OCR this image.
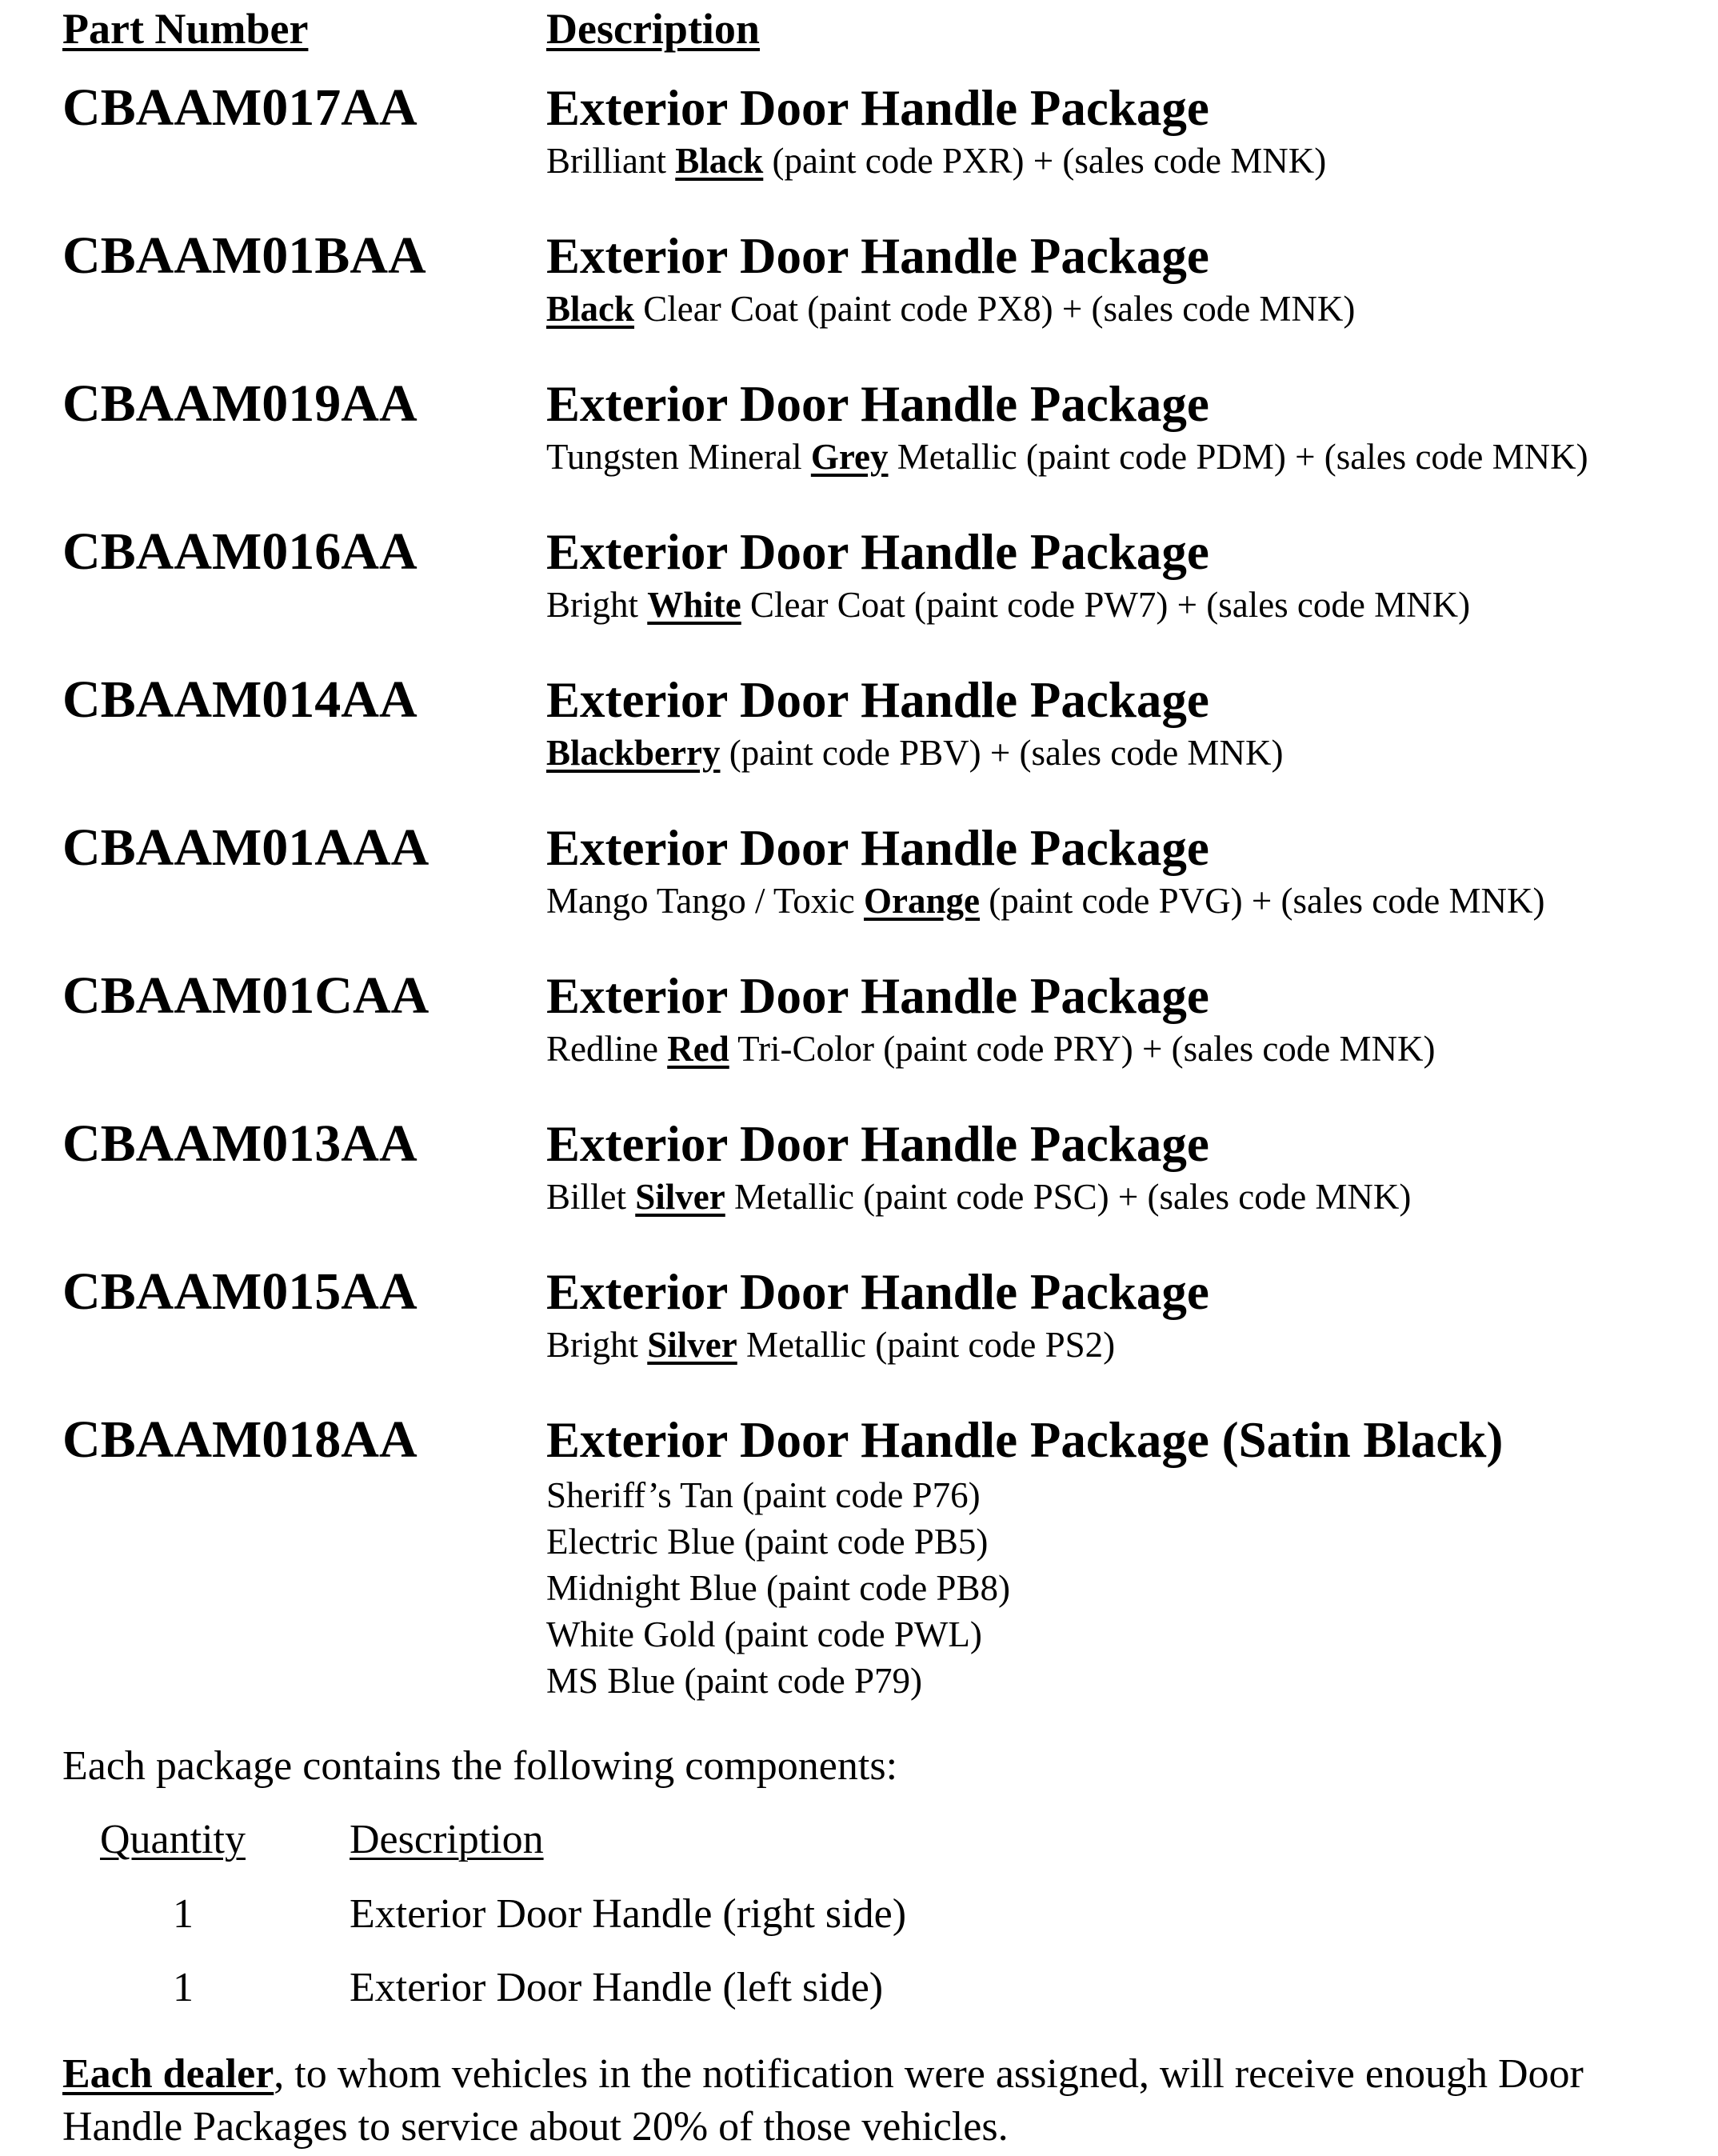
Part Number	Description
CBAAM017AA	Exterior Door Handle Package
Brilliant Black (paint code PXR) + (sales code MNK)
CBAAM01BAA Exterior Door Handle Package
Black Clear Coat (paint code PX8) + (sales code MNK)
CBAAM019AA	Exterior Door Handle Package
Tungsten Mineral Grey Metallic (paint code PDM) + (sales code MNK)
CBAAM016AA	Exterior Door Handle Package
Bright White Clear Coat (paint code PW7) + (sales code MNK)
CBAAM014AA	Exterior Door Handle Package
Blackberry (paint code PBV) + (sales code MNK)
CBAAM01AAA Exterior Door Handle Package
Mango Tango / Toxic Orange (paint code PVG) + (sales code MNK)
CBAAM01CAA Exterior Door Handle Package
Redline Red Tri-Color (paint code PRY) + (sales code MNK)
CBAAM013AA	Exterior Door Handle Package
Billet Silver Metallic (paint code PSC) + (sales code MNK)
CBAAM015AA	Exterior Door Handle Package
Bright Silver Metallic (paint code PS2)
CBAAM018AA	Exterior Door Handle Package (Satin Black)
Sheriff’s Tan (paint code P76)
Electric Blue (paint code PB5)
Midnight Blue (paint code PB8)
White Gold (paint code PWL)
MS Blue (paint code P79)
Each package contains the following components:
Quantity	Description
1	Exterior Door Handle (right side)
1	Exterior Door Handle (left side)
Each dealer, to whom vehicles in the notification were assigned, will receive enough Door Handle Packages to service about 20% of those vehicles.
